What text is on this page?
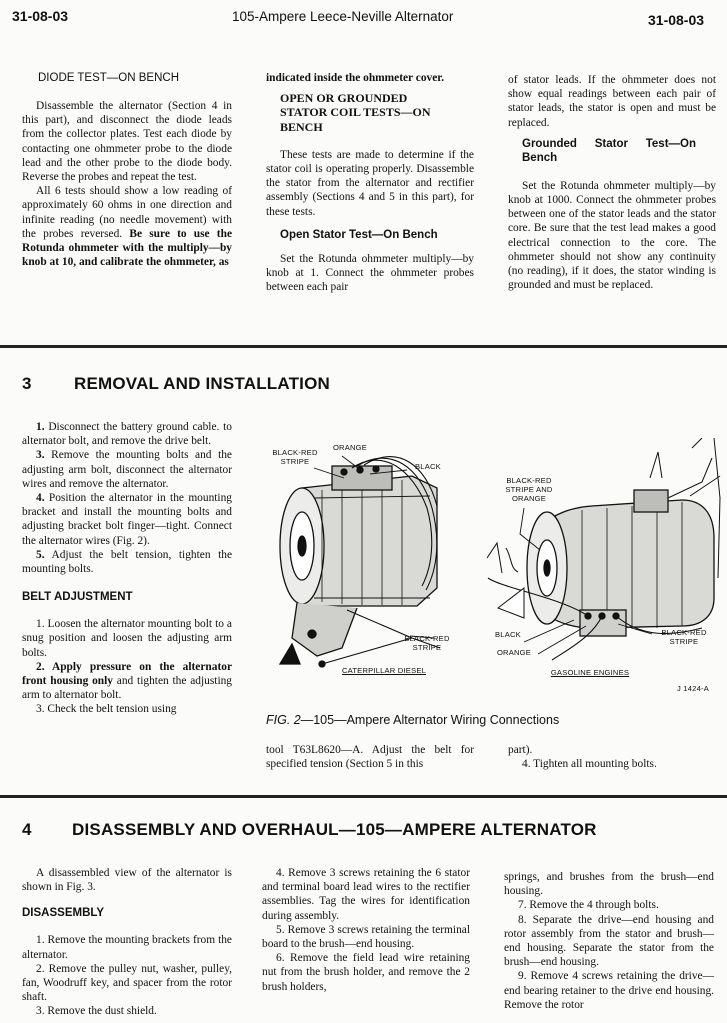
31-08-03	105-Ampere Leece-Neville Alternator	31-08-03

DIODE TEST—ON BENCH

Disassemble the alternator (Section 4 in this part), and disconnect the diode leads from the collector plates. Test each diode by contacting one ohmmeter probe to the diode lead and the other probe to the diode body. Reverse the probes and repeat the test.

All 6 tests should show a low reading of approximately 60 ohms in one direction and infinite reading (no needle movement) with the probes reversed. Be sure to use the Rotunda ohmmeter with the multiply—by knob at 10, and calibrate the ohmmeter, as

indicated inside the ohmmeter cover.

OPEN OR GROUNDED STATOR COIL TESTS—ON BENCH

These tests are made to determine if the stator coil is operating properly. Disassemble the stator from the alternator and rectifier assembly (Sections 4 and 5 in this part), for these tests.

Open Stator Test—On Bench

Set the Rotunda ohmmeter multiply—by knob at 1. Connect the ohmmeter probes between each pair

of stator leads. If the ohmmeter does not show equal readings between each pair of stator leads, the stator is open and must be replaced.

Grounded Stator Test—On Bench

Set the Rotunda ohmmeter multiply—by knob at 1000. Connect the ohmmeter probes between one of the stator leads and the stator core. Be sure that the test lead makes a good electrical connection to the core. The ohmmeter should not show any continuity (no reading), if it does, the stator winding is grounded and must be replaced.

3	REMOVAL AND INSTALLATION

1. Disconnect the battery ground cable. to alternator bolt, and remove the drive belt.

3. Remove the mounting bolts and the adjusting arm bolt, disconnect the alternator wires and remove the alternator.

4. Position the alternator in the mounting bracket and install the mounting bolts and adjusting bracket bolt finger—tight. Connect the alternator wires (Fig. 2).

5. Adjust the belt tension, tighten the mounting bolts.

BELT ADJUSTMENT

1. Loosen the alternator mounting bolt to a snug position and loosen the adjusting arm bolts.

2. Apply pressure on the alternator front housing only and tighten the adjusting arm to alternator bolt.

3. Check the belt tension using

BLACK-RED STRIPE
ORANGE
BLACK
BLACK-RED STRIPE
CATERPILLAR DIESEL
BLACK-RED STRIPE AND ORANGE
BLACK
ORANGE
BLACK-RED STRIPE
GASOLINE ENGINES
J 1424-A
FIG. 2—105—Ampere Alternator Wiring Connections
tool T63L8620—A. Adjust the belt for specified tension (Section 5 in this

part).

4. Tighten all mounting bolts.

4 DISASSEMBLY AND OVERHAUL—105—AMPERE ALTERNATOR

A disassembled view of the alternator is shown in Fig. 3.

DISASSEMBLY

1. Remove the mounting brackets from the alternator.

2. Remove the pulley nut, washer, pulley, fan, Woodruff key, and spacer from the rotor shaft.

3. Remove the dust shield.

4. Remove 3 screws retaining the 6 stator and terminal board lead wires to the rectifier assemblies. Tag the wires for identification during assembly.

5. Remove 3 screws retaining the terminal board to the brush—end housing.

6. Remove the field lead wire retaining nut from the brush holder, and remove the 2 brush holders,

springs, and brushes from the brush—end housing.

7. Remove the 4 through bolts.

8. Separate the drive—end housing and rotor assembly from the stator and brush—end housing. Separate the stator from the brush—end housing.

9. Remove 4 screws retaining the drive—end bearing retainer to the drive end housing. Remove the rotor
